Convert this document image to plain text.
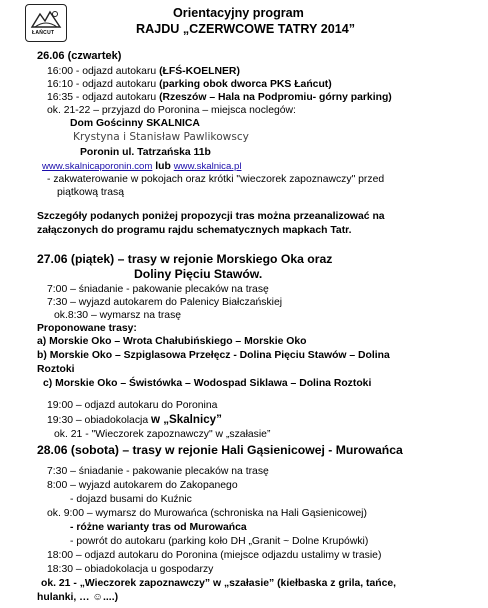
ŁAŃCUT
Orientacyjny program
RAJDU „CZERWCOWE TATRY 2014”
26.06 (czwartek)
16:00 - odjazd autokaru (ŁFŚ-KOELNER)
16:10 - odjazd autokaru (parking obok dworca PKS Łańcut)
16:35 - odjazd autokaru (Rzeszów – Hala na Podpromiu- górny parking)
ok. 21-22 – przyjazd do Poronina – miejsca noclegów:
Dom Gościnny SKALNICA
Krystyna i Stanisław Pawlikowscy
Poronin ul. Tatrzańska 11b
www.skalnicaporonin.com lub www.skalnica.pl
- zakwaterowanie w pokojach oraz krótki "wieczorek zapoznawczy" przed
piątkową trasą
Szczegóły podanych poniżej propozycji tras można przeanalizować na
załączonych do programu rajdu schematycznych mapkach Tatr.
27.06 (piątek) – trasy w rejonie Morskiego Oka oraz
Doliny Pięciu Stawów.
7:00 – śniadanie - pakowanie plecaków na trasę
7:30 – wyjazd autokarem do Palenicy Białczańskiej
ok.8:30 – wymarsz na trasę
Proponowane trasy:
a) Morskie Oko – Wrota Chałubińskiego – Morskie Oko
b) Morskie Oko – Szpiglasowa Przełęcz - Dolina Pięciu Stawów – Dolina
Roztoki
c) Morskie Oko – Świstówka – Wodospad Siklawa – Dolina Roztoki
19:00 – odjazd autokaru do Poronina
19:30 – obiadokolacja w „Skalnicy”
ok. 21 - "Wieczorek zapoznawczy" w „szałasie”
28.06 (sobota) – trasy w rejonie Hali Gąsienicowej - Murowańca
7:30 – śniadanie - pakowanie plecaków na trasę
8:00 – wyjazd autokarem do Zakopanego
- dojazd busami do Kuźnic
ok. 9:00 – wymarsz do Murowańca (schroniska na Hali Gąsienicowej)
- różne warianty tras od Murowańca
- powrót do autokaru (parking koło DH „Granit ~ Dolne Krupówki)
18:00 – odjazd autokaru do Poronina (miejsce odjazdu ustalimy w trasie)
18:30 – obiadokolacja u gospodarzy
ok. 21 - „Wieczorek zapoznawczy” w „szałasie” (kiełbaska z grila, tańce,
hulanki, … ☺....)
